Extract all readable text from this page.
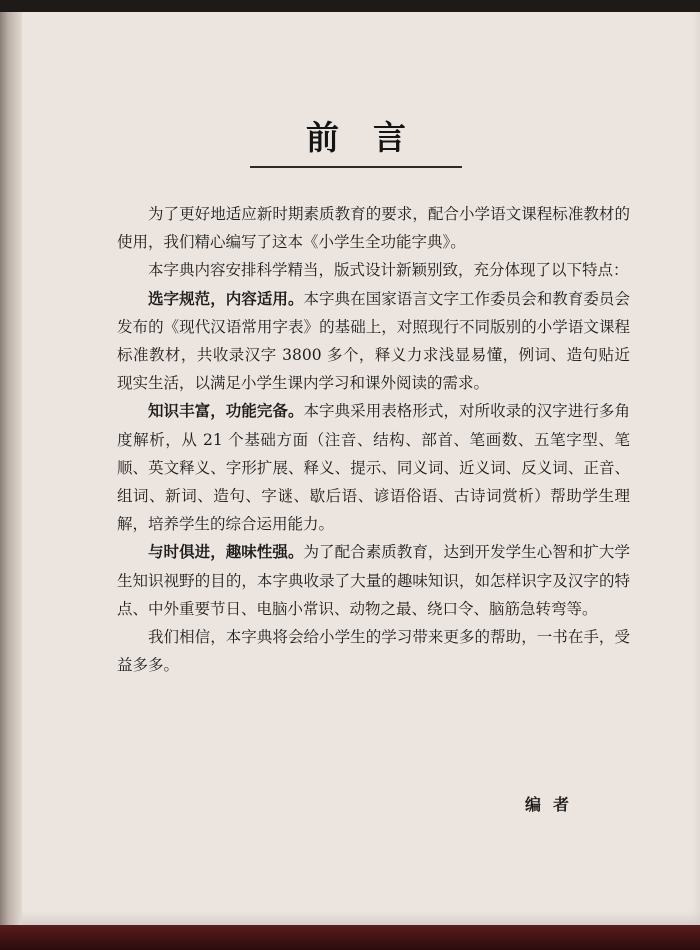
前言

为了更好地适应新时期素质教育的要求，配合小学语文课程标准教材的使用，我们精心编写了这本《小学生全功能字典》。

本字典内容安排科学精当，版式设计新颖别致，充分体现了以下特点：

选字规范，内容适用。本字典在国家语言文字工作委员会和教育委员会发布的《现代汉语常用字表》的基础上，对照现行不同版别的小学语文课程标准教材，共收录汉字 3800 多个，释义力求浅显易懂，例词、造句贴近现实生活，以满足小学生课内学习和课外阅读的需求。

知识丰富，功能完备。本字典采用表格形式，对所收录的汉字进行多角度解析，从 21 个基础方面（注音、结构、部首、笔画数、五笔字型、笔顺、英文释义、字形扩展、释义、提示、同义词、近义词、反义词、正音、组词、新词、造句、字谜、歇后语、谚语俗语、古诗词赏析）帮助学生理解，培养学生的综合运用能力。

与时俱进，趣味性强。为了配合素质教育，达到开发学生心智和扩大学生知识视野的目的，本字典收录了大量的趣味知识，如怎样识字及汉字的特点、中外重要节日、电脑小常识、动物之最、绕口令、脑筋急转弯等。

我们相信，本字典将会给小学生的学习带来更多的帮助，一书在手，受益多多。

编者
